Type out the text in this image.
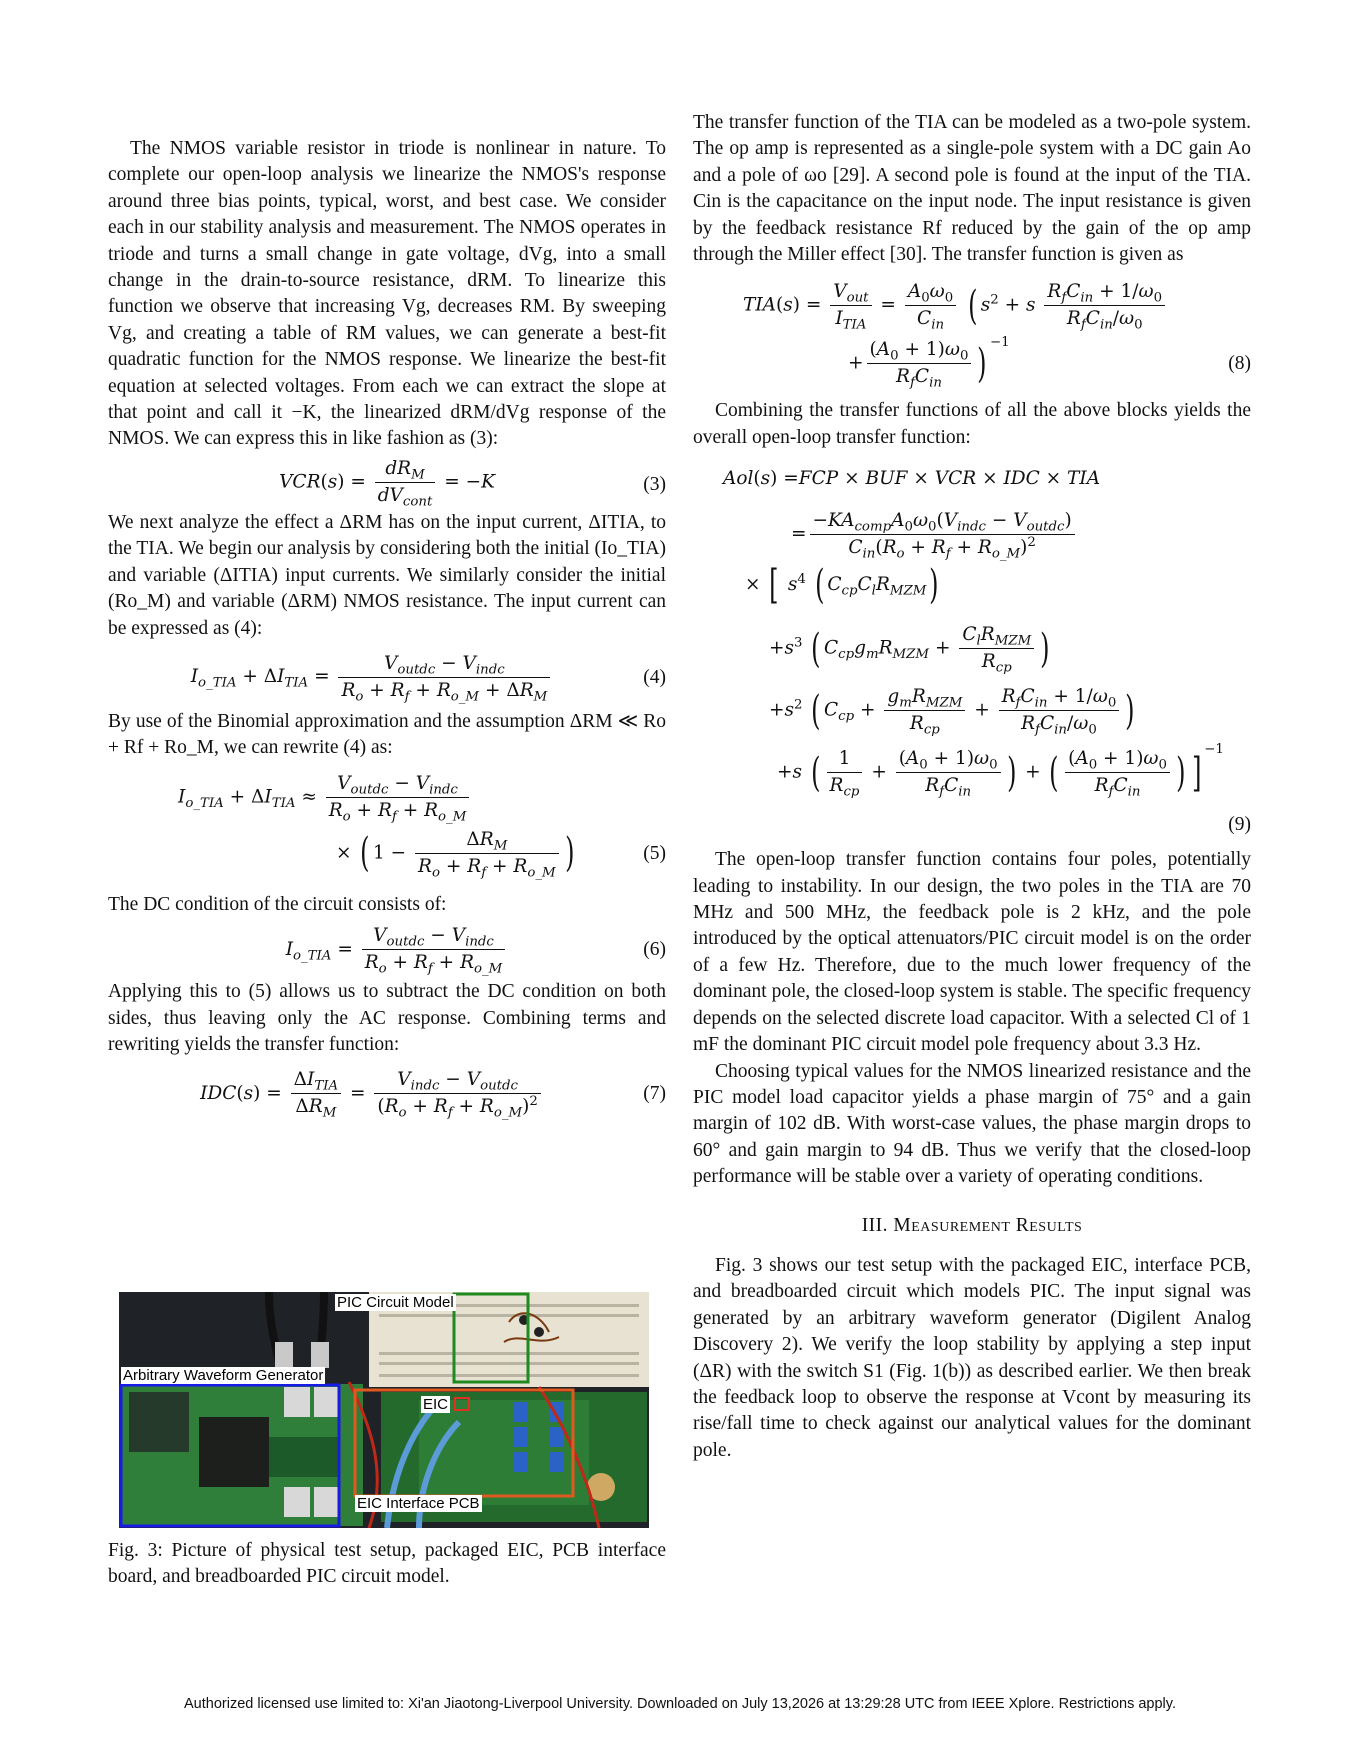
The NMOS variable resistor in triode is nonlinear in nature. To complete our open-loop analysis we linearize the NMOS's response around three bias points, typical, worst, and best case. We consider each in our stability analysis and measurement. The NMOS operates in triode and turns a small change in gate voltage, dVg, into a small change in the drain-to-source resistance, dRM. To linearize this function we observe that increasing Vg, decreases RM. By sweeping Vg, and creating a table of RM values, we can generate a best-fit quadratic function for the NMOS response. We linearize the best-fit equation at selected voltages. From each we can extract the slope at that point and call it −K, the linearized dRM/dVg response of the NMOS. We can express this in like fashion as (3):

VCR(s) =
$dR_M$
$dV_{cont}$
= −K	(3)

We next analyze the effect a ΔRM has on the input current, ΔITIA, to the TIA. We begin our analysis by considering both the initial (Io_TIA) and variable (ΔITIA) input currents. We similarly consider the initial (Ro_M) and variable (ΔRM) NMOS resistance. The input current can be expressed as (4):

$I_{o\_TIA} + \Delta I_{TIA}$ =
$V_{outdc} - V_{indc}$
$R_o + R_f + R_{o\_M} + \Delta R_M$
(4)

By use of the Binomial approximation and the assumption ΔRM ≪ Ro + Rf + Ro_M, we can rewrite (4) as:

$I_{o\_TIA} + \Delta I_{TIA}$ ≈
$V_{outdc} - V_{indc}$
$R_o + R_f + R_{o\_M}$
× ( 1 −
$\Delta R_M$
$R_o + R_f + R_{o\_M}$ )	(5)

The DC condition of the circuit consists of:

$I_{o\_TIA}$ =
$V_{outdc} - V_{indc}$
$R_o + R_f + R_{o\_M}$
(6)

Applying this to (5) allows us to subtract the DC condition on both sides, thus leaving only the AC response. Combining terms and rewriting yields the transfer function:

IDC(s) =
$\Delta I_{TIA}$
$\Delta R_M$
=
$V_{indc} - V_{outdc}$
$(R_o + R_f + R_{o\_M})^2$	(7)
PIC Circuit Model
Arbitrary Waveform Generator
EIC
EIC Interface PCB
Fig. 3: Picture of physical test setup, packaged EIC, PCB interface board, and breadboarded PIC circuit model.

The transfer function of the TIA can be modeled as a two-pole system. The op amp is represented as a single-pole system with a DC gain Ao and a pole of ωo [29]. A second pole is found at the input of the TIA. Cin is the capacitance on the input node. The input resistance is given by the feedback resistance Rf reduced by the gain of the op amp through the Miller effect [30]. The transfer function is given as

TIA(s) =
$V_{out}$
$I_{TIA}$
=
$A_0\omega_0$
$C_{in}$ ( $s^2 + s$
$R_fC_{in} + 1/\omega_0$
$R_fC_{in}/\omega_0$
+
$(A_0 + 1)\omega_0$
$R_fC_{in}$ ) $^{-1}$
(8)

Combining the transfer functions of all the above blocks yields the overall open-loop transfer function:

Aol(s) =FCP × BUF × VCR × IDC × TIA
=
$-KA_{comp}A_0\omega_0(V_{indc} - V_{outdc})$
$C_{in}(R_o + R_f + R_{o\_M})^2$
× [ $s^4$ ( $C_{cp}C_lR_{MZM}$)
$+s^3$ ( $C_{cp}g_mR_{MZM}$ +
$C_lR_{MZM}$
$R_{cp}$ )
$+s^2$ ( $C_{cp}$ +
$g_mR_{MZM}$
$R_{cp}$
+
$R_fC_{in} + 1/\omega_0$
$R_fC_{in}/\omega_0$ )
+s ( 1
$R_{cp}$
+
$(A_0 + 1)\omega_0$
$R_fC_{in}$ ) + ( $(A_0 + 1)\omega_0$
$R_fC_{in}$ ) ]$^{-1}$
(9)

The open-loop transfer function contains four poles, potentially leading to instability. In our design, the two poles in the TIA are 70 MHz and 500 MHz, the feedback pole is 2 kHz, and the pole introduced by the optical attenuators/PIC circuit model is on the order of a few Hz. Therefore, due to the much lower frequency of the dominant pole, the closed-loop system is stable. The specific frequency depends on the selected discrete load capacitor. With a selected Cl of 1 mF the dominant PIC circuit model pole frequency about 3.3 Hz.

Choosing typical values for the NMOS linearized resistance and the PIC model load capacitor yields a phase margin of 75° and a gain margin of 102 dB. With worst-case values, the phase margin drops to 60° and gain margin to 94 dB. Thus we verify that the closed-loop performance will be stable over a variety of operating conditions.

III. Measurement Results

Fig. 3 shows our test setup with the packaged EIC, interface PCB, and breadboarded circuit which models PIC. The input signal was generated by an arbitrary waveform generator (Digilent Analog Discovery 2). We verify the loop stability by applying a step input (ΔR) with the switch S1 (Fig. 1(b)) as described earlier. We then break the feedback loop to observe the response at Vcont by measuring its rise/fall time to check against our analytical values for the dominant pole.

Authorized licensed use limited to: Xi'an Jiaotong-Liverpool University. Downloaded on July 13,2026 at 13:29:28 UTC from IEEE Xplore. Restrictions apply.
